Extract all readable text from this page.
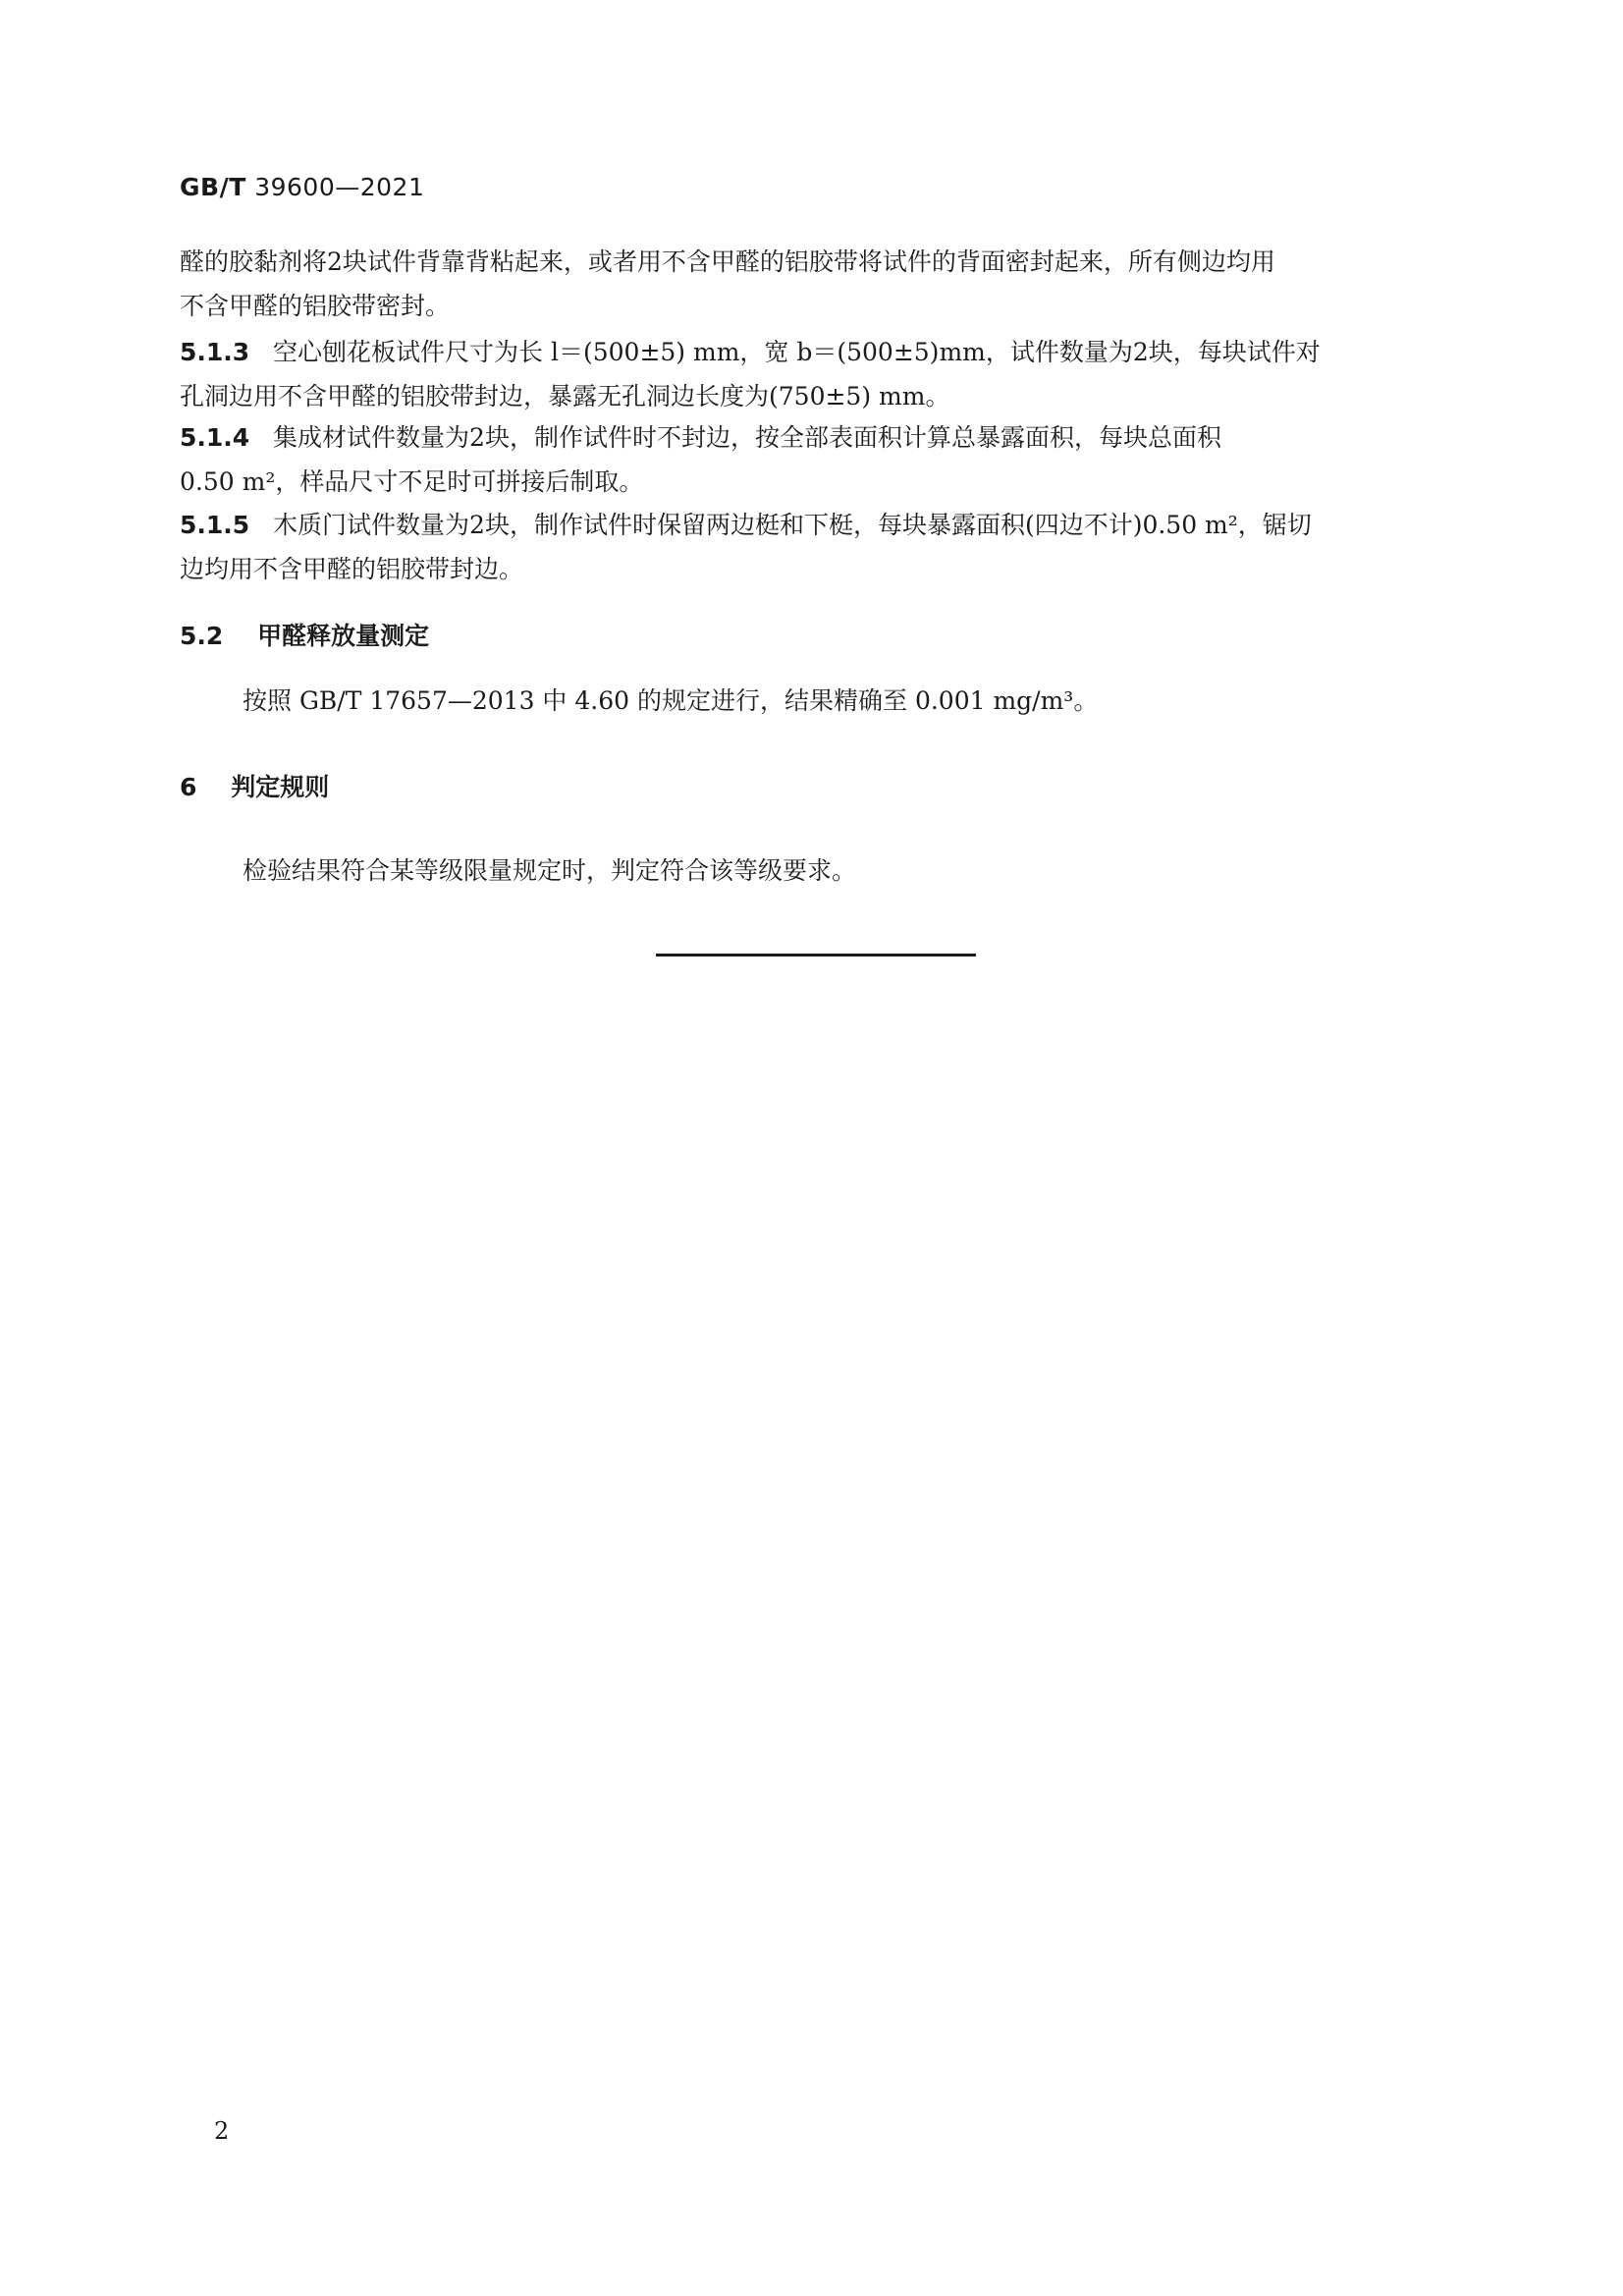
GB/T 39600—2021
醛的胶黏剂将2块试件背靠背粘起来，或者用不含甲醛的铝胶带将试件的背面密封起来，所有侧边均用
不含甲醛的铝胶带密封。
5.1.3 空心刨花板试件尺寸为长 l＝(500±5) mm，宽 b＝(500±5)mm，试件数量为2块，每块试件对
孔洞边用不含甲醛的铝胶带封边，暴露无孔洞边长度为(750±5) mm。
5.1.4 集成材试件数量为2块，制作试件时不封边，按全部表面积计算总暴露面积，每块总面积
0.50 m²，样品尺寸不足时可拼接后制取。
5.1.5 木质门试件数量为2块，制作试件时保留两边梃和下梃，每块暴露面积(四边不计)0.50 m²，锯切
边均用不含甲醛的铝胶带封边。
5.2 甲醛释放量测定
按照 GB/T 17657—2013 中 4.60 的规定进行，结果精确至 0.001 mg/m³。
6 判定规则
检验结果符合某等级限量规定时，判定符合该等级要求。
2
